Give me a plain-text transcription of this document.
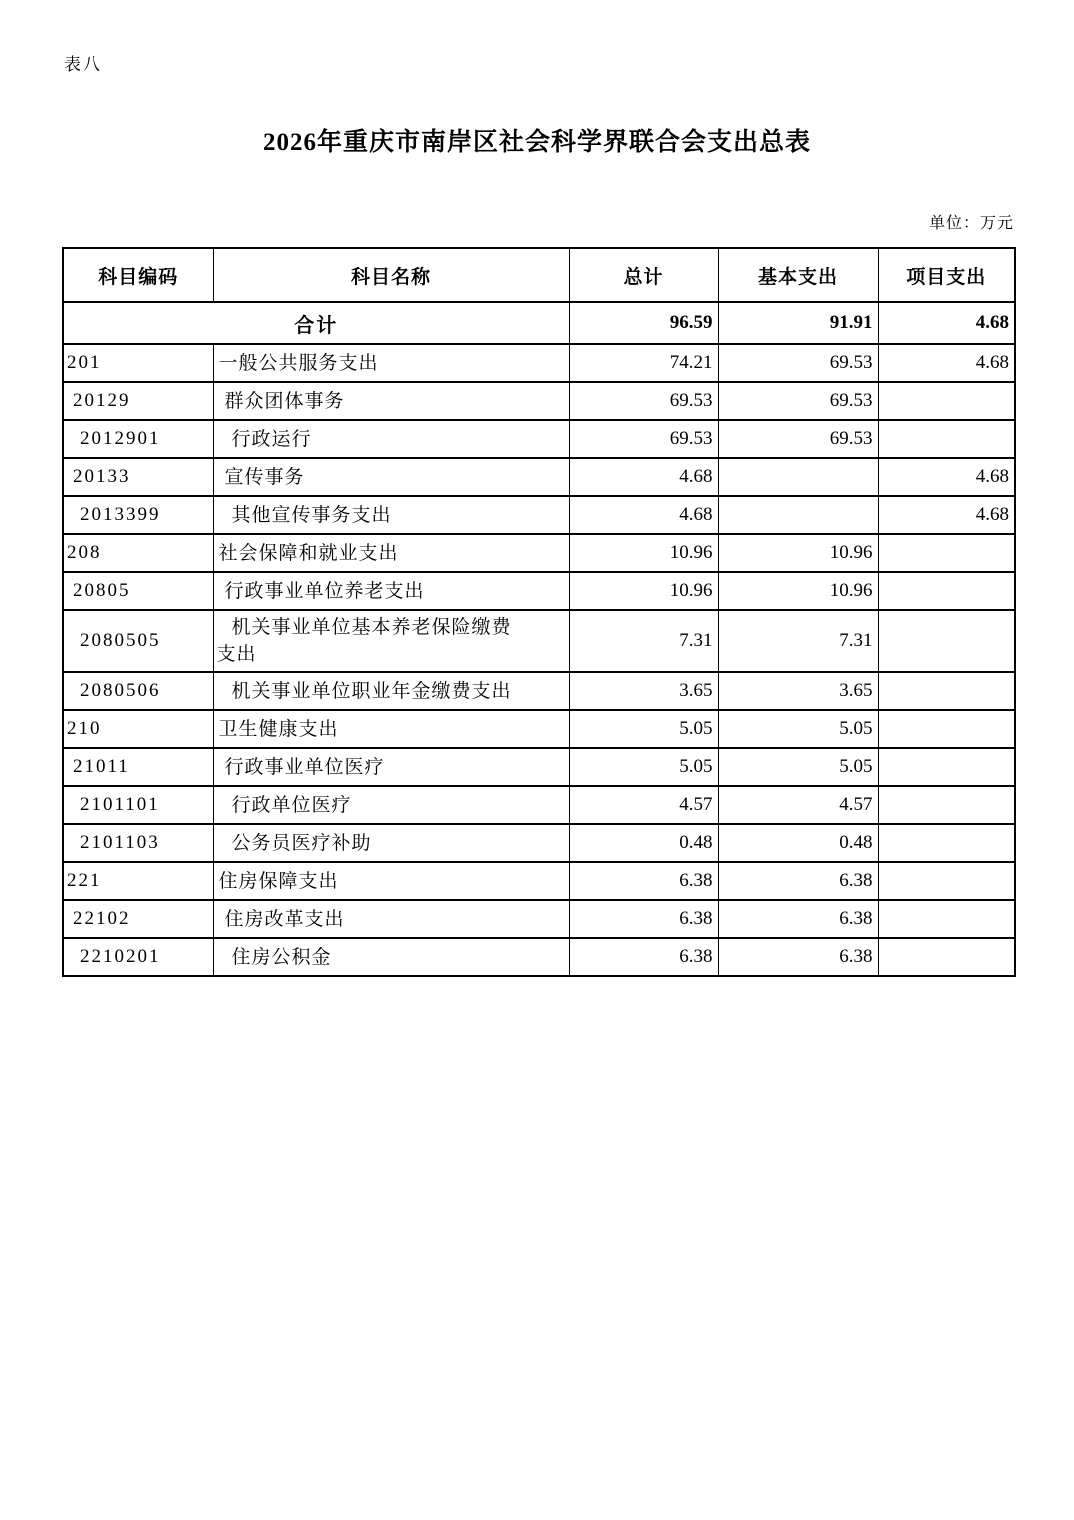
表八
2026年重庆市南岸区社会科学界联合会支出总表
单位：万元
科目编码	科目名称	总计	基本支出	项目支出
合计		96.59	91.91	4.68
201	一般公共服务支出	74.21	69.53	4.68
20129	群众团体事务	69.53	69.53	
2012901	行政运行	69.53	69.53	
20133	宣传事务	4.68		4.68
2013399	其他宣传事务支出	4.68		4.68
208	社会保障和就业支出	10.96	10.96	
20805	行政事业单位养老支出	10.96	10.96	
2080505	机关事业单位基本养老保险缴费支出	7.31	7.31	
2080506	机关事业单位职业年金缴费支出	3.65	3.65	
210	卫生健康支出	5.05	5.05	
21011	行政事业单位医疗	5.05	5.05	
2101101	行政单位医疗	4.57	4.57	
2101103	公务员医疗补助	0.48	0.48	
221	住房保障支出	6.38	6.38	
22102	住房改革支出	6.38	6.38	
2210201	住房公积金	6.38	6.38	
